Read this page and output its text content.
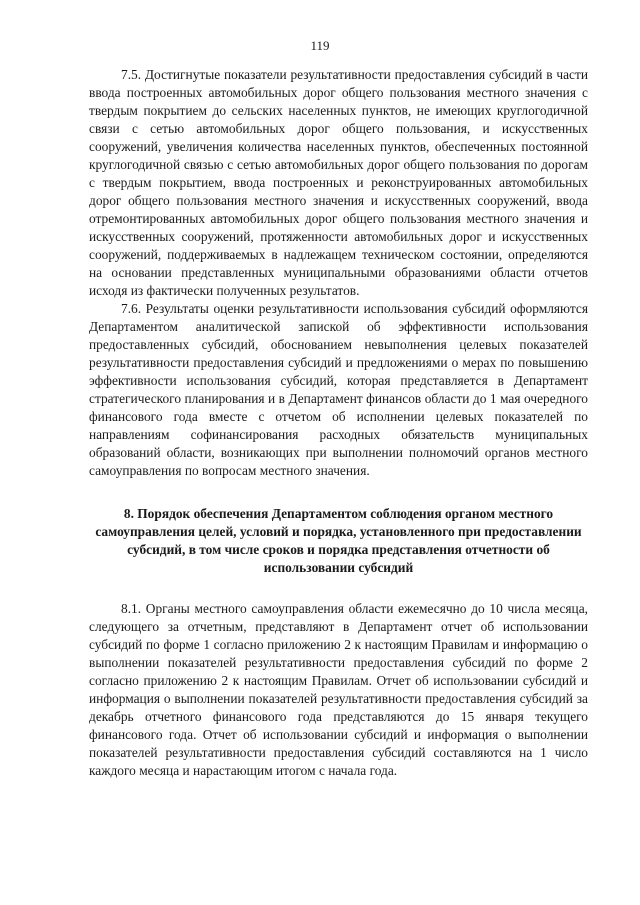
119

7.5. Достигнутые показатели результативности предоставления субсидий в части ввода построенных автомобильных дорог общего пользования местного значения с твердым покрытием до сельских населенных пунктов, не имеющих круглогодичной связи с сетью автомобильных дорог общего пользования, и искусственных сооружений, увеличения количества населенных пунктов, обеспеченных постоянной круглогодичной связью с сетью автомобильных дорог общего пользования по дорогам с твердым покрытием, ввода построенных и реконструированных автомобильных дорог общего пользования местного значения и искусственных сооружений, ввода отремонтированных автомобильных дорог общего пользования местного значения и искусственных сооружений, протяженности автомобильных дорог и искусственных сооружений, поддерживаемых в надлежащем техническом состоянии, определяются на основании представленных муниципальными образованиями области отчетов исходя из фактически полученных результатов.

7.6. Результаты оценки результативности использования субсидий оформляются Департаментом аналитической запиской об эффективности использования предоставленных субсидий, обоснованием невыполнения целевых показателей результативности предоставления субсидий и предложениями о мерах по повышению эффективности использования субсидий, которая представляется в Департамент стратегического планирования и в Департамент финансов области до 1 мая очередного финансового года вместе с отчетом об исполнении целевых показателей по направлениям софинансирования расходных обязательств муниципальных образований области, возникающих при выполнении полномочий органов местного самоуправления по вопросам местного значения.

8. Порядок обеспечения Департаментом соблюдения органом местного самоуправления целей, условий и порядка, установленного при предоставлении субсидий, в том числе сроков и порядка представления отчетности об использовании субсидий

8.1. Органы местного самоуправления области ежемесячно до 10 числа месяца, следующего за отчетным, представляют в Департамент отчет об использовании субсидий по форме 1 согласно приложению 2 к настоящим Правилам и информацию о выполнении показателей результативности предоставления субсидий по форме 2 согласно приложению 2 к настоящим Правилам. Отчет об использовании субсидий и информация о выполнении показателей результативности предоставления субсидий за декабрь отчетного финансового года представляются до 15 января текущего финансового года. Отчет об использовании субсидий и информация о выполнении показателей результативности предоставления субсидий составляются на 1 число каждого месяца и нарастающим итогом с начала года.
